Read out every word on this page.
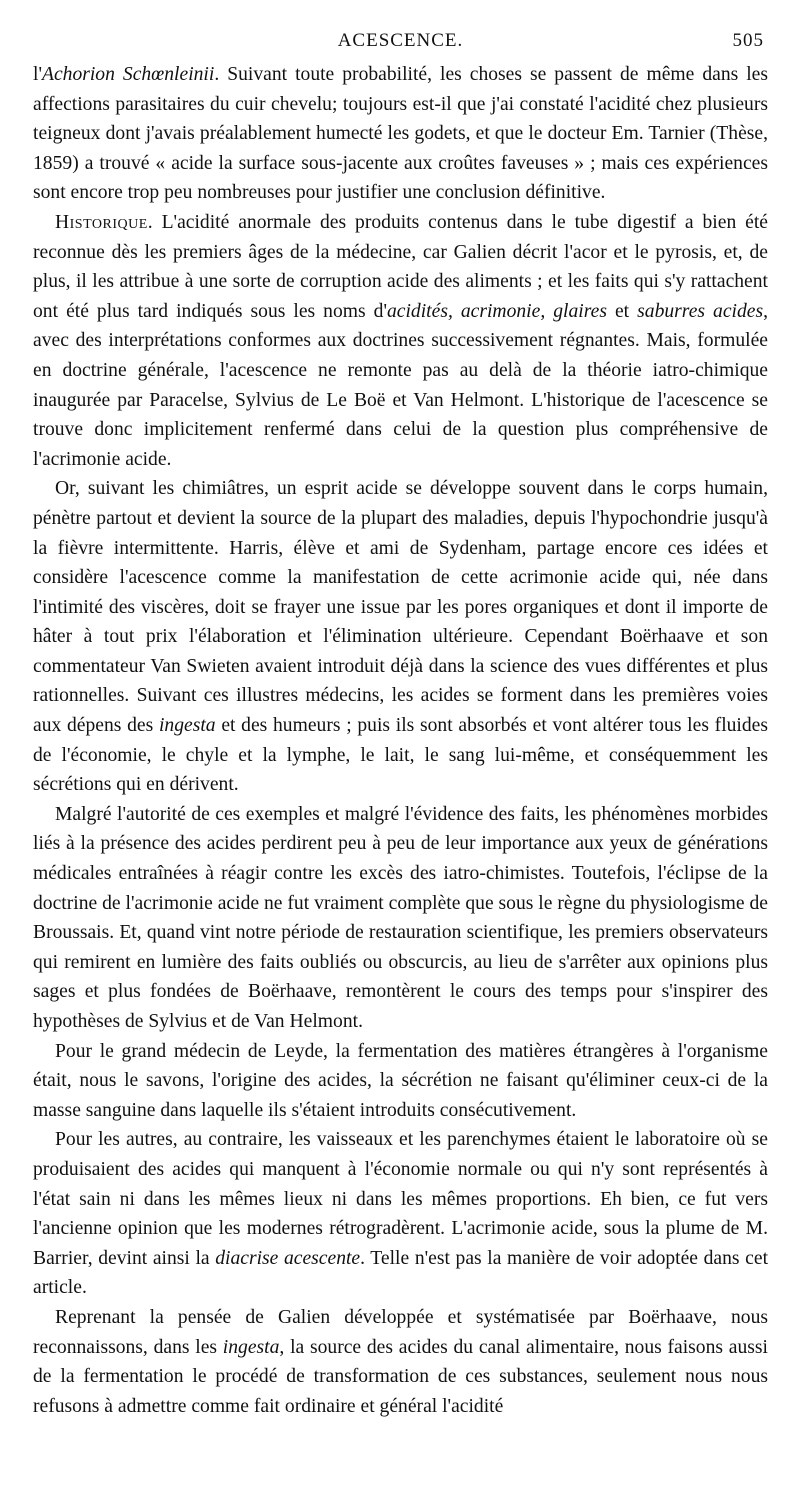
ACESCENCE.	505

l'Achorion Schœnleinii. Suivant toute probabilité, les choses se passent de même dans les affections parasitaires du cuir chevelu; toujours est-il que j'ai constaté l'acidité chez plusieurs teigneux dont j'avais préalablement humecté les godets, et que le docteur Em. Tarnier (Thèse, 1859) a trouvé « acide la surface sous-jacente aux croûtes faveuses » ; mais ces expériences sont encore trop peu nombreuses pour justifier une conclusion définitive.

Historique. L'acidité anormale des produits contenus dans le tube digestif a bien été reconnue dès les premiers âges de la médecine, car Galien décrit l'acor et le pyrosis, et, de plus, il les attribue à une sorte de corruption acide des aliments ; et les faits qui s'y rattachent ont été plus tard indiqués sous les noms d'acidités, acrimonie, glaires et saburres acides, avec des interprétations conformes aux doctrines successivement régnantes. Mais, formulée en doctrine générale, l'acescence ne remonte pas au delà de la théorie iatro-chimique inaugurée par Paracelse, Sylvius de Le Boë et Van Helmont. L'historique de l'acescence se trouve donc implicitement renfermé dans celui de la question plus compréhensive de l'acrimonie acide.

Or, suivant les chimiâtres, un esprit acide se développe souvent dans le corps humain, pénètre partout et devient la source de la plupart des maladies, depuis l'hypochondrie jusqu'à la fièvre intermittente. Harris, élève et ami de Sydenham, partage encore ces idées et considère l'acescence comme la manifestation de cette acrimonie acide qui, née dans l'intimité des viscères, doit se frayer une issue par les pores organiques et dont il importe de hâter à tout prix l'élaboration et l'élimination ultérieure. Cependant Boërhaave et son commentateur Van Swieten avaient introduit déjà dans la science des vues différentes et plus rationnelles. Suivant ces illustres médecins, les acides se forment dans les premières voies aux dépens des ingesta et des humeurs ; puis ils sont absorbés et vont altérer tous les fluides de l'économie, le chyle et la lymphe, le lait, le sang lui-même, et conséquemment les sécrétions qui en dérivent.

Malgré l'autorité de ces exemples et malgré l'évidence des faits, les phénomènes morbides liés à la présence des acides perdirent peu à peu de leur importance aux yeux de générations médicales entraînées à réagir contre les excès des iatro-chimistes. Toutefois, l'éclipse de la doctrine de l'acrimonie acide ne fut vraiment complète que sous le règne du physiologisme de Broussais. Et, quand vint notre période de restauration scientifique, les premiers observateurs qui remirent en lumière des faits oubliés ou obscurcis, au lieu de s'arrêter aux opinions plus sages et plus fondées de Boërhaave, remontèrent le cours des temps pour s'inspirer des hypothèses de Sylvius et de Van Helmont.

Pour le grand médecin de Leyde, la fermentation des matières étrangères à l'organisme était, nous le savons, l'origine des acides, la sécrétion ne faisant qu'éliminer ceux-ci de la masse sanguine dans laquelle ils s'étaient introduits consécutivement.

Pour les autres, au contraire, les vaisseaux et les parenchymes étaient le laboratoire où se produisaient des acides qui manquent à l'économie normale ou qui n'y sont représentés à l'état sain ni dans les mêmes lieux ni dans les mêmes proportions. Eh bien, ce fut vers l'ancienne opinion que les modernes rétrogradèrent. L'acrimonie acide, sous la plume de M. Barrier, devint ainsi la diacrise acescente. Telle n'est pas la manière de voir adoptée dans cet article.

Reprenant la pensée de Galien développée et systématisée par Boërhaave, nous reconnaissons, dans les ingesta, la source des acides du canal alimentaire, nous faisons aussi de la fermentation le procédé de transformation de ces substances, seulement nous nous refusons à admettre comme fait ordinaire et général l'acidité
